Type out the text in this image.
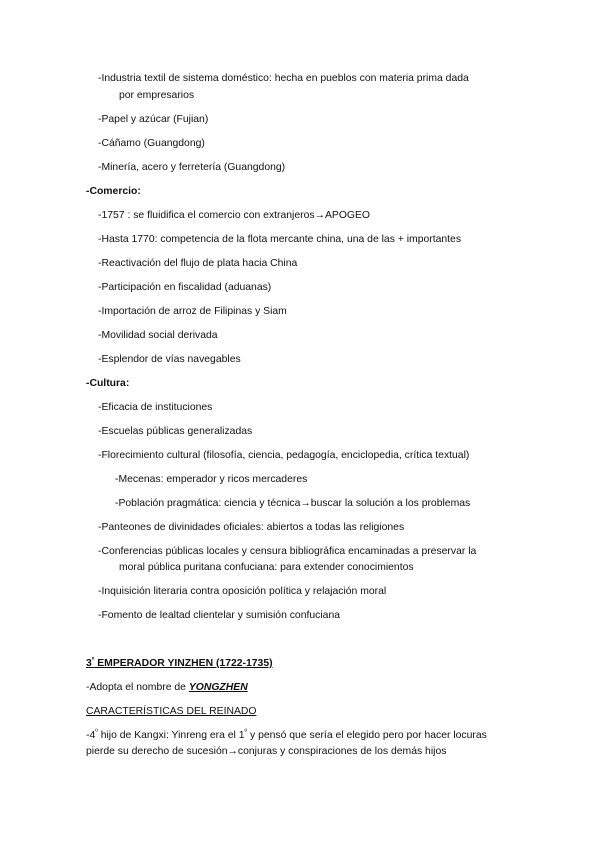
-Industria textil de sistema doméstico: hecha en pueblos con materia prima dada
por empresarios
-Papel y azúcar (Fujian)
-Cáñamo (Guangdong)
-Minería, acero y ferretería (Guangdong)
-Comercio:
-1757 : se fluidifica el comercio con extranjeros→APOGEO
-Hasta 1770: competencia de la flota mercante china, una de las + importantes
-Reactivación del flujo de plata hacia China
-Participación en fiscalidad (aduanas)
-Importación de arroz de Filipinas y Siam
-Movilidad social derivada
-Esplendor de vías navegables
-Cultura:
-Eficacia de instituciones
-Escuelas públicas generalizadas
-Florecimiento cultural (filosofía, ciencia, pedagogía, enciclopedia, crítica textual)
-Mecenas: emperador y ricos mercaderes
-Población pragmática: ciencia y técnica→buscar la solución a los problemas
-Panteones de divinidades oficiales: abiertos a todas las religiones
-Conferencias públicas locales y censura bibliográfica encaminadas a preservar la
moral pública puritana confuciana: para extender conocimientos
-Inquisición literaria contra oposición política y relajación moral
-Fomento de lealtad clientelar y sumisión confuciana
$3^º$ EMPERADOR YINZHEN (1722-1735)
-Adopta el nombre de YONGZHEN
CARACTERÍSTICAS DEL REINADO
$-4^º$ hijo de Kangxi: Yinreng era el $1^º$ y pensó que sería el elegido pero por hacer locuras
pierde su derecho de sucesión→conjuras y conspiraciones de los demás hijos
